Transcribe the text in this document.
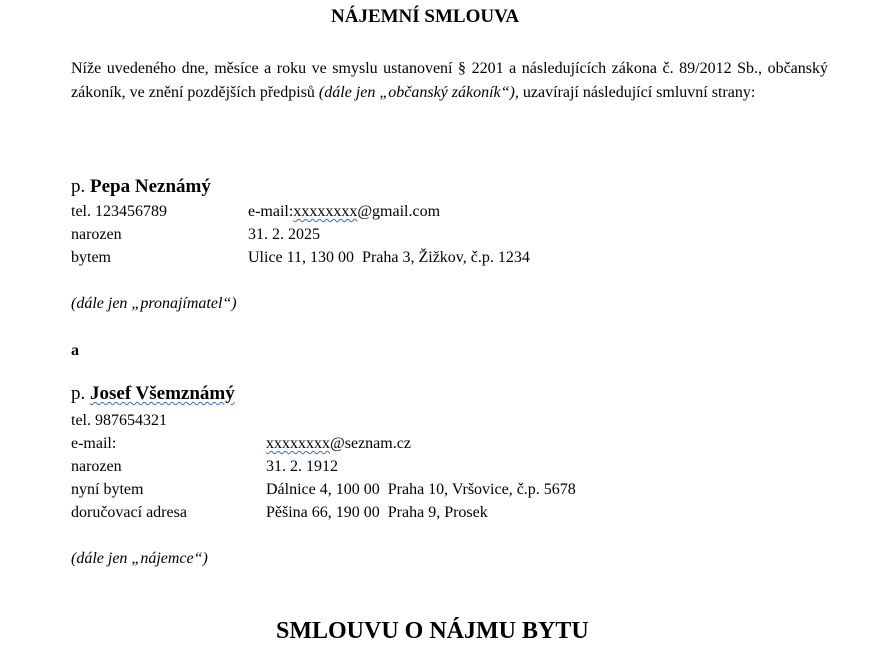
NÁJEMNÍ SMLOUVA
Níže uvedeného dne, měsíce a roku ve smyslu ustanovení § 2201 a následujících zákona č. 89/2012 Sb., občanský zákoník, ve znění pozdějších předpisů (dále jen „občanský zákoník“), uzavírají následující smluvní strany:
p. Pepa Neznámý
tel. 123456789	e-mail:xxxxxxxx@gmail.com
narozen	31. 2. 2025
bytem	Ulice 11, 130 00  Praha 3, Žižkov, č.p. 1234
(dále jen „pronajímatel“)
a
p. Josef Všemznámý
tel. 987654321
e-mail:	xxxxxxxx@seznam.cz
narozen	31. 2. 1912
nyní bytem	Dálnice 4, 100 00  Praha 10, Vršovice, č.p. 5678
doručovací adresa	Pěšina 66, 190 00  Praha 9, Prosek
(dále jen „nájemce“)
SMLOUVU O NÁJMU BYTU
